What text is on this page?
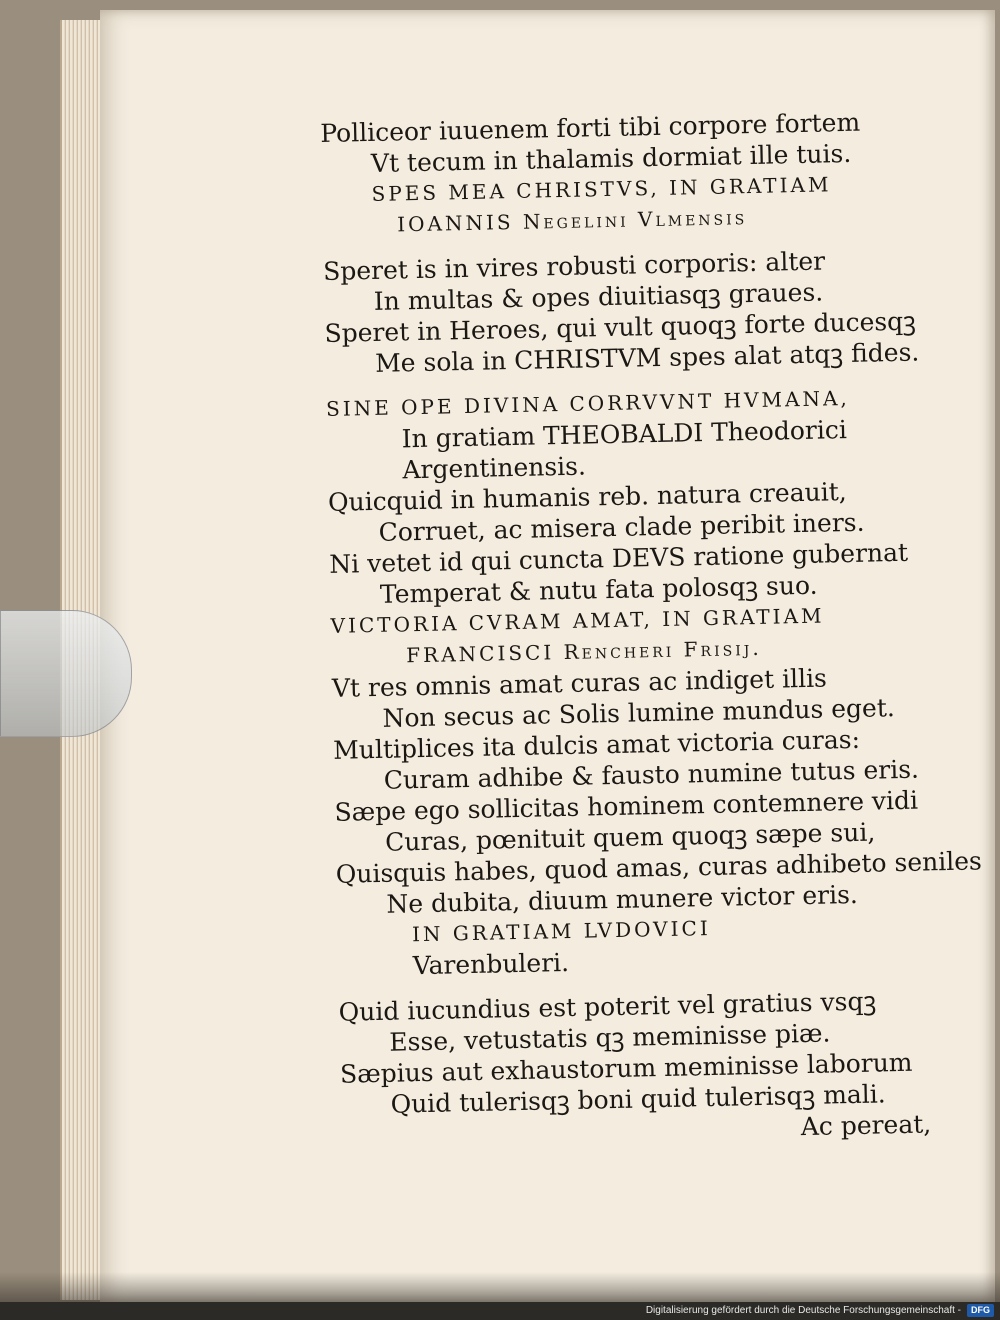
Polliceor iuuenem forti tibi corpore fortem
Vt tecum in thalamis dormiat ille tuis.
SPES MEA CHRISTVS, IN GRATIAM
IOANNIS Negelini Vlmensis
Speret is in vires robusti corporis: alter
In multas & opes diuitiasqꝫ graues.
Speret in Heroes, qui vult quoqꝫ forte ducesqꝫ
Me sola in CHRISTVM spes alat atqꝫ fides.
SINE OPE DIVINA CORRVVNT HVMANA,
In gratiam THEOBALDI Theodorici
Argentinensis.
Quicquid in humanis reb. natura creauit,
Corruet, ac misera clade peribit iners.
Ni vetet id qui cuncta DEVS ratione gubernat
Temperat & nutu fata polosqꝫ suo.
VICTORIA CVRAM AMAT, IN GRATIAM
FRANCISCI Rencheri Frisij.
Vt res omnis amat curas ac indiget illis
Non secus ac Solis lumine mundus eget.
Multiplices ita dulcis amat victoria curas:
Curam adhibe & fausto numine tutus eris.
Sæpe ego sollicitas hominem contemnere vidi
Curas, pœnituit quem quoqꝫ sæpe sui,
Quisquis habes, quod amas, curas adhibeto seniles
Ne dubita, diuum munere victor eris.
IN GRATIAM LVDOVICI
Varenbuleri.
Quid iucundius est poterit vel gratius vsqꝫ
Esse, vetustatis qꝫ meminisse piæ.
Sæpius aut exhaustorum meminisse laborum
Quid tulerisqꝫ boni quid tulerisqꝫ mali.
Ac pereat,
Digitalisierung gefördert durch die Deutsche Forschungsgemeinschaft - DFG
